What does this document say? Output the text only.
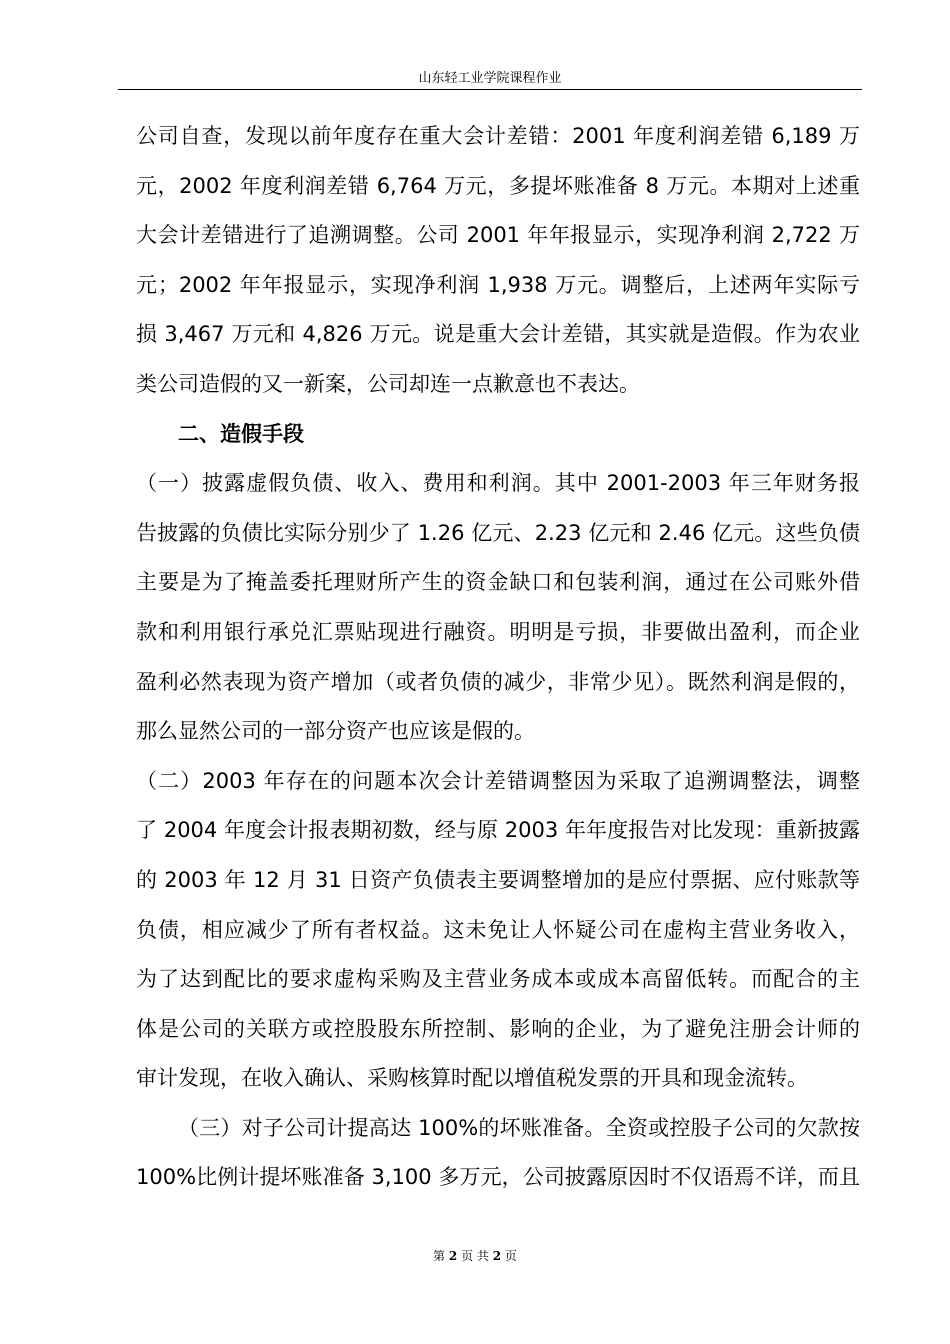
山东轻工业学院课程作业
公司自查，发现以前年度存在重大会计差错：2001 年度利润差错 6,189 万
元，2002 年度利润差错 6,764 万元，多提坏账准备 8 万元。本期对上述重
大会计差错进行了追溯调整。公司 2001 年年报显示，实现净利润 2,722 万
元；2002 年年报显示，实现净利润 1,938 万元。调整后，上述两年实际亏
损 3,467 万元和 4,826 万元。说是重大会计差错，其实就是造假。作为农业
类公司造假的又一新案，公司却连一点歉意也不表达。
二、造假手段
（一）披露虚假负债、收入、费用和利润。其中 2001-2003 年三年财务报
告披露的负债比实际分别少了 1.26 亿元、2.23 亿元和 2.46 亿元。这些负债
主要是为了掩盖委托理财所产生的资金缺口和包装利润，通过在公司账外借
款和利用银行承兑汇票贴现进行融资。明明是亏损，非要做出盈利，而企业
盈利必然表现为资产增加（或者负债的减少，非常少见）。既然利润是假的，
那么显然公司的一部分资产也应该是假的。
（二）2003 年存在的问题本次会计差错调整因为采取了追溯调整法，调整
了 2004 年度会计报表期初数，经与原 2003 年年度报告对比发现：重新披露
的 2003 年 12 月 31 日资产负债表主要调整增加的是应付票据、应付账款等
负债，相应减少了所有者权益。这未免让人怀疑公司在虚构主营业务收入，
为了达到配比的要求虚构采购及主营业务成本或成本高留低转。而配合的主
体是公司的关联方或控股股东所控制、影响的企业，为了避免注册会计师的
审计发现，在收入确认、采购核算时配以增值税发票的开具和现金流转。
（三）对子公司计提高达 100%的坏账准备。全资或控股子公司的欠款按
100%比例计提坏账准备 3,100 多万元，公司披露原因时不仅语焉不详，而且
第 2 页 共 2 页
